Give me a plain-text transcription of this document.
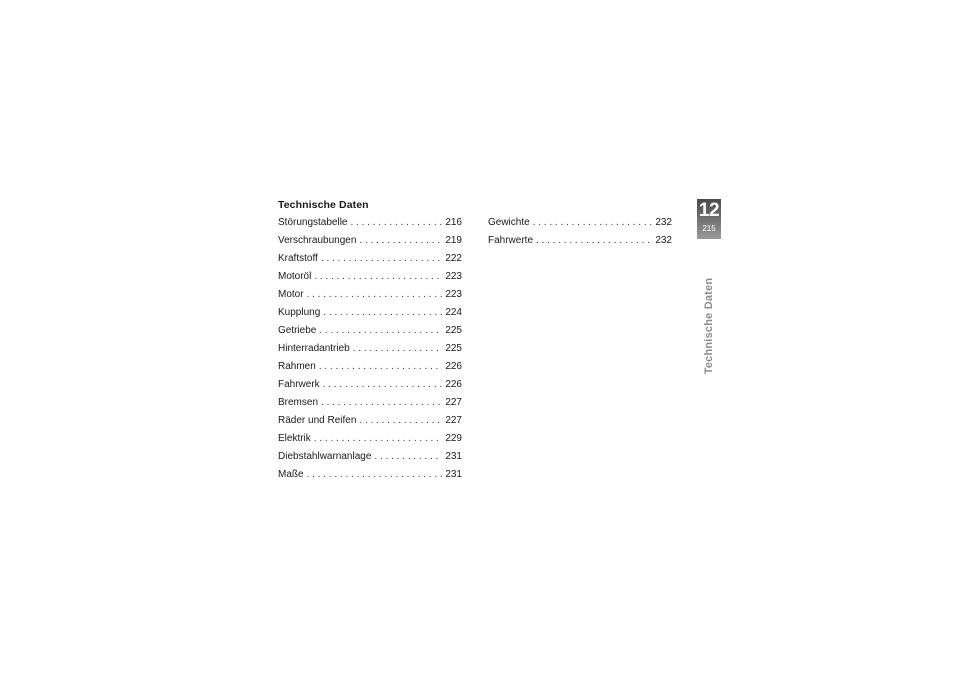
Technische Daten
Störungstabelle . . .	216
Verschraubungen . . .	219
Kraftstoff . . .	222
Motoröl . . .	223
Motor . . .	223
Kupplung . . .	224
Getriebe . . .	225
Hinterradantrieb . . .	225
Rahmen . . .	226
Fahrwerk . . .	226
Bremsen . . .	227
Räder und Reifen . . .	227
Elektrik . . .	229
Diebstahlwarnanlage . . .	231
Maße . . .	231
Gewichte . . .	232
Fahrwerte . . .	232
12
215
Technische Daten
